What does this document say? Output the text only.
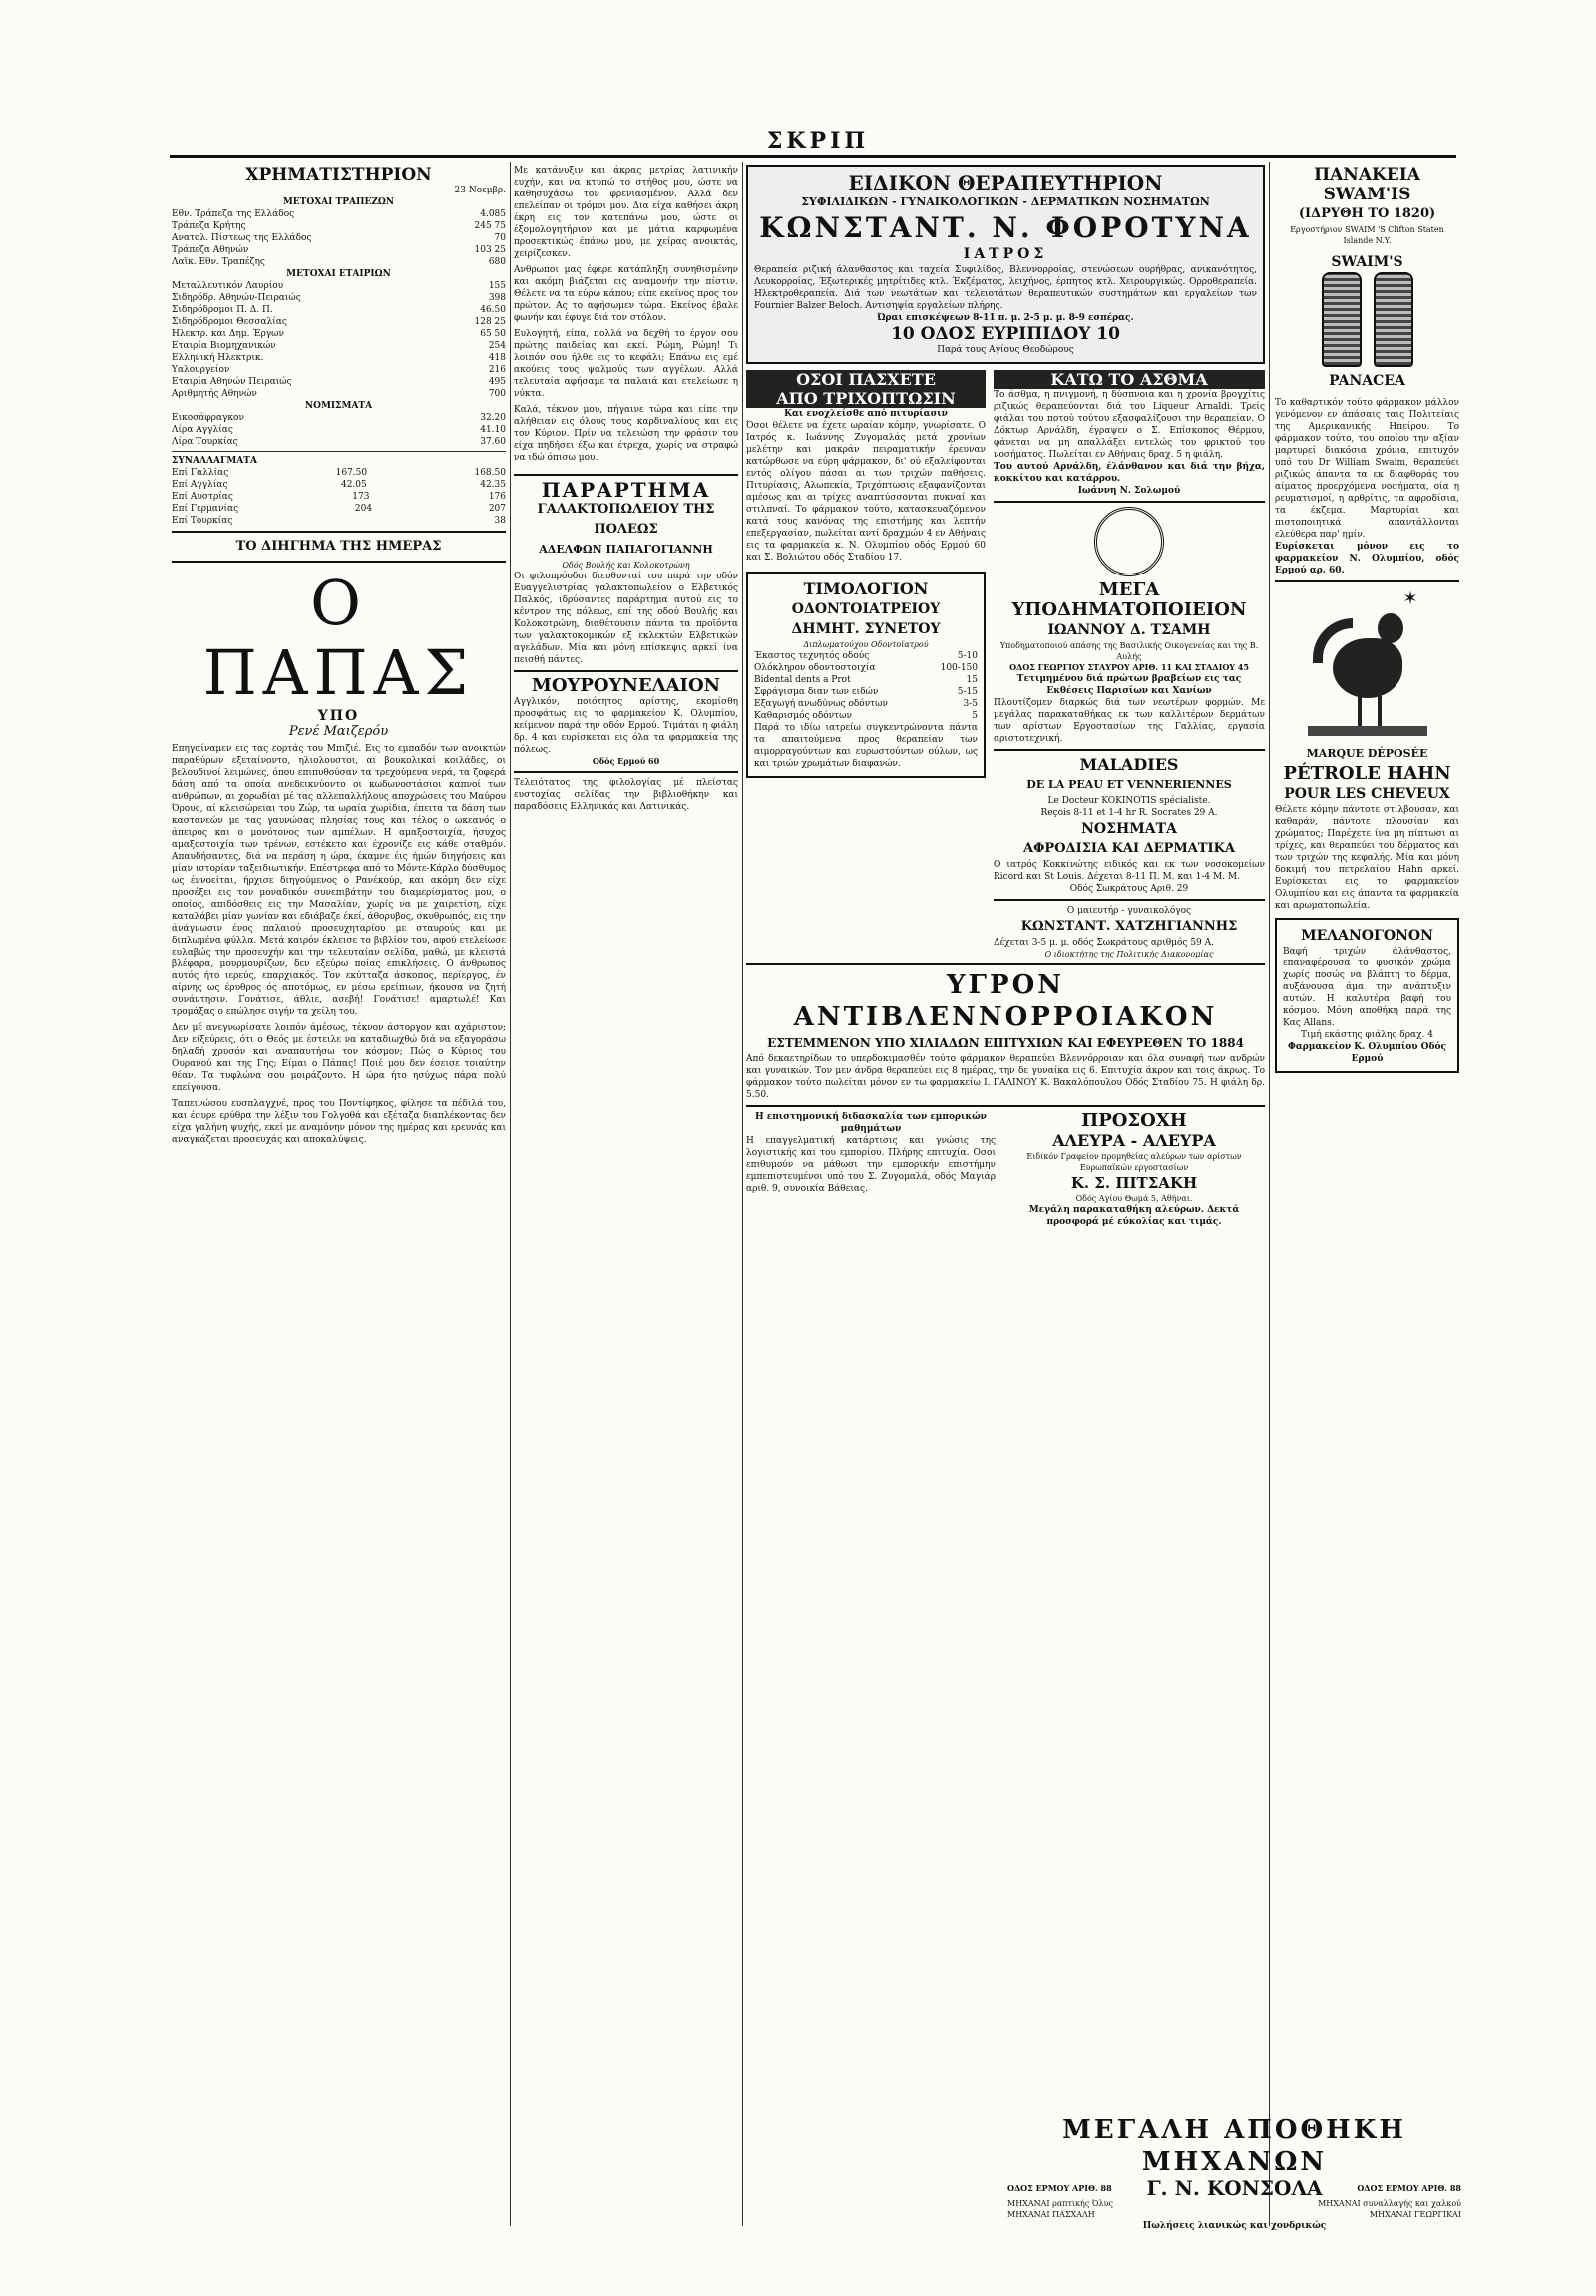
ΣΚΡΙΠ
ΧΡΗΜΑΤΙΣΤΗΡΙΟΝ
23 Νοεμβρ.
ΜΕΤΟΧΑΙ ΤΡΑΠΕΖΩΝ
Εθν. Τράπεζα της Ελλάδος	4.085
Τράπεζα Κρήτης	245 75
Ανατολ. Πίστεως της Ελλάδος	70
Τράπεζα Αθηνών	103 25
Λαϊκ. Εθν. Τραπέζης	680
ΜΕΤΟΧΑΙ ΕΤΑΙΡΙΩΝ
Μεταλλευτικόν Λαυρίου	155
Σιδηρόδρ. Αθηνών-Πειραιώς	398
Σιδηρόδρομοι Π. Δ. Π.	46.50
Σιδηρόδρομοι Θεσσαλίας	128 25
Ηλεκτρ. και Δημ. Έργων	65 50
Εταιρία Βιομηχανικών	254
Ελληνική Ηλεκτρικ.	418
Υαλουργείον	216
Εταιρία Αθηνών Πειραιώς	495
Αριθμητής Αθηνών	700
ΝΟΜΙΣΜΑΤΑ
Εικοσάφραγκον	32.20
Λίρα Αγγλίας	41.10
Λίρα Τουρκίας	37.60
ΣΥΝΑΛΛΑΓΜΑΤΑ
Επί Γαλλίας	167.50	168.50
Επί Αγγλίας	42.05	42.35
Επί Αυστρίας	173	176
Επί Γερμανίας	204	207
Επί Τουρκίας	38
ΤΟ ΔΙΗΓΗΜΑ ΤΗΣ ΗΜΕΡΑΣ
Ο ΠΑΠΑΣ
ΥΠΟ
Ρενέ Μαιζερόυ
Επηγαίναμεν εις τας εορτάς του Μπιζιέ. Εις το εμπαδόν των ανοικτών παραθύρων εξεταίνοντο, ηλιολουστοι, αι βουκολικαί κοιλάδες, οι βελουδινοί λειμώνες, όπου επιπυθούσαν τα τρεχούμενα νερά, τα ζοφερά δάση από τα οποία ανεδεικνύοντο οι κωδωνοστάσιοι καπνοί των ανθρώπων, αι χορωδίαι μέ τας αλλεπαλλήλους αποχρώσεις του Μαύρου Όρους, αί κλεισώρειαι του Ζώρ, τα ωραία χωρίδια, έπειτα τα δάση των καστανεών με τας γαυνώσας πλησίας τους και τέλος ο ωκεανός ο άπειρος και ο μονότονος των αμπέλων. Η αμαξοστοιχία, ήσυχος αμαξοστοιχία των τρένων, εστέκετο και έχρονίζε εις κάθε σταθμόν. Απαυδήσαντες, διά να περάση η ώρα, έκαμνε έις ήμών διηγήσεις και μίαν ιστορίαν ταξειδιωτικήν. Επέστρεφα από το Μόντε-Κάρλο δύσθυμος ως έννοείται, ήρχισε διηγούμενος ο Ρανέκούρ, και ακόμη δεν είχε προσέξει εις τον μοναδικόν συνεπιβάτην του διαμερίσματος μου, ο οποίος, απιδόσθεις εις την Μασαλίαν, χωρίς να με χαιρετίση, είχε καταλάβει μίαν γωνίαν και εδιάβαζε έκεί, άθορυβος, σκυθρωπός, εις την άνάγνωσιν ένος παλαιού προσευχηταρίου με σταυρούς και με διπλωμένα φύλλα. Μετά καιρόν έκλεισε το βιβλίον του, αφού ετελείωσε ευλαβώς την προσευχήν και την τελευταίαν σελίδα, μαθώ, με κλειστά βλέφαρα, μουρμουρίζων, δεν εξεύρω ποίας επικλήσεις. Ο άνθρωπος αυτός ήτο ιερεύς, επαρχιακός. Τον εκύτταζα άσκοπος, περίεργος, έν αίρνης ως έρυθρος ός αποτόμως, εν μέσω ερείπιων, ήκουσα να ζητή συνάντησιν. Γονάτισε, άθλιε, ασεβή! Γονάτισε! αμαρτωλέ! Και τρομάξας ο επώλησε σιγήν τα χείλη του.
Δεν μέ ανεγνωρίσατε λοιπόν άμέσως, τέκνον άστοργον και αχάριστον; Δεν είξεύρεις, ότι ο Θεός με έστειλε να καταδιωχθώ διά να εξαγοράσω δηλαδή χρυσόν και αναπαυτήσω τον κόσμον; Πώς ο Κύριος του Ουρανού και της Γης; Είμαι ο Πάπας! Ποιέ μου δεν έσεισε τοιαύτην θέαν. Τα τυφλώνα σου μοιράζοντο. Η ώρα ήτο ησύχως πάρα πολύ επείγουσα.
Ταπεινώσου ευσπλαγχνέ, προς του Ποντίφηκος, φίλησε τα πέδιλά του, και έσυρε ερύθρα την λέξιν του Γολγοθά και εξέταζα διαπλέκοντας δεν είχα γαλήνη ψυχής, εκεί με αναμόνην μόνον της ημέρας και ερευνάς και αναγκάζεται προσευχάς και αποκαλύψεις.
Με κατάνυξιν και άκρας μετρίας λατινικήν ευχήν, και να κτυπώ το στήθος μου, ώστε να καθησυχάσω τον φρενιασμένον. Αλλά δεν επελείπαν οι τρόμοι μου. Δια είχα καθήσει άκρη έκρη εις τον κατεπάνω μου, ώστε οι έξομολογητήριον και με μάτια καρφωμένα προσεκτικώς έπάνω μου, με χείρας ανοικτάς, χειρίζεσκεν.
Ανθρωποι μας έφερε κατάπληξη συνηθισμένην και ακόμη βιάζεται εις αναμονήν την πίστιν. Θέλετε να τα εύρω κάπου; είπε εκείνος προς τον πρώτον. Ας το αφήσωμεν τώρα. Εκείνος έβαλε φωνήν και έφυγε διά τον στόλον.
Ευλογητή, είπα, πολλά να δεχθή το έργον σου πρώτης παιδείας και εκεί. Ρώμη, Ρώμη! Τι λοιπόν σου ήλθε εις το κεφάλι; Επάνω εις εμέ ακούεις τους ψαλμούς των αγγέλων. Αλλά τελευταία αφήσαμε τα παλαιά και ετελείωσε η νύκτα.
Καλά, τέκνον μου, πήγαινε τώρα και είπε την αλήθειαν εις όλους τους καρδιναλίους και εις τον Κύριον. Πρίν να τελειώση την φράσιν του είχα πηδήσει έξω και έτρεχα, χωρίς να στραφώ να ιδώ όπισω μου.
ΠΑΡΑΡΤΗΜΑ
ΓΑΛΑΚΤΟΠΩΛΕΙΟΥ ΤΗΣ ΠΟΛΕΩΣ
ΑΔΕΛΦΩΝ ΠΑΠΑΓΟΓΙΑΝΝΗ
Οδός Βουλής και Κολοκοτρώνη
Οι φιλοπρόοδοι διευθυνταί του παρά την οδόν Ευαγγελιστρίας γαλακτοπωλείου ο Ελβετικός Παλκός, ιδρύσαντες παράρτημα αυτού εις το κέντρον της πόλεως, επί της οδού Βουλής και Κολοκοτρώνη, διαθέτουσιν πάντα τα προϊόντα των γαλακτοκομικών εξ εκλεκτών Ελβετικών αγελάδων. Μία και μόνη επίσκεψις αρκεί ίνα πεισθή πάντες.
ΜΟΥΡΟΥΝΕΛΑΙΟΝ
Αγγλικόν, ποιότητος αρίστης, εκομίσθη προσφάτως εις το φαρμακείον Κ. Ολυμπίου, κείμενον παρά την οδόν Ερμού. Τιμάται η φιάλη δρ. 4 και ευρίσκεται εις όλα τα φαρμακεία της πόλεως.
Οδός Ερμού 60
Τελειότατος της φιλολογίας μέ πλείστας ευστοχίας σελίδας την βιβλιοθήκην και παραδόσεις Ελληνικάς και Λατινικάς.
ΕΙΔΙΚΟΝ ΘΕΡΑΠΕΥΤΗΡΙΟΝ
ΣΥΦΙΛΙΔΙΚΩΝ - ΓΥΝΑΙΚΟΛΟΓΙΚΩΝ - ΔΕΡΜΑΤΙΚΩΝ ΝΟΣΗΜΑΤΩΝ
ΚΩΝΣΤΑΝΤ. Ν. ΦΟΡΟΤΥΝΑ
ΙΑΤΡΟΣ
Θεραπεία ριζική άλανθαστος και ταχεία Συφιλίδος, Βλεννορροίας, στενώσεων ουρήθρας, ανικανότητος, Λευκορροίας, Έξωτερικές μητρίτιδες κτλ. Έκζέματος, λειχήνος, έρπητος κτλ. Χειρουργικώς. Ορροθεραπεία. Ηλεκτροθεραπεία. Διά των νεωτάτων και τελειοτάτων θεραπευτικών συστημάτων και εργαλείων των Fournier Balzer Beloch. Αντισηψία εργαλείων πλήρης.
Ώραι επισκέψεων 8-11 π. μ. 2-5 μ. μ. 8-9 εσπέρας.
10 ΟΔΟΣ ΕΥΡΙΠΙΔΟΥ 10
Παρά τους Αγίους Θεοδώρους
ΟΣΟΙ ΠΑΣΧΕΤΕ
ΑΠΟ ΤΡΙΧΟΠΤΩΣΙΝ
Και ενοχλείσθε από πιτυρίασιν
Όσοι θέλετε να έχετε ωραίαν κόμην, γνωρίσατε. Ο Ιατρός κ. Ιωάννης Ζυγομαλάς μετά χρονίων μελέτην και μακράν πειραματικήν έρευναν κατώρθωσε να εύρη φάρμακον, δι' ού εξαλείφονται εντός ολίγου πάσαι αι των τριχών παθήσεις. Πιτυρίασις, Αλωπεκία, Τριχόπτωσις εξαφανίζονται αμέσως και αι τρίχες αναπτύσσονται πυκναί και στιλπναί. Το φάρμακον τούτο, κατασκευαζόμενον κατά τους κανόνας της επιστήμης και λεπτήν επεξεργασίαν, πωλείται αντί δραχμών 4 εν Αθήναις εις τα φαρμακεία κ. Ν. Ολυμπίου οδός Ερμού 60 και Σ. Βολιώτου οδός Σταδίου 17.
ΤΙΜΟΛΟΓΙΟΝ
ΟΔΟΝΤΟΙΑΤΡΕΙΟΥ
ΔΗΜΗΤ. ΣΥΝΕΤΟΥ
Διπλωματούχου Οδοντοϊατρού
Έκαστος τεχνητός οδούς	5-10
Ολόκληρον οδοντοστοιχία	100-150
Bidental dents a Prot	15
Σφράγισμα διαν των ειδών	5-15
Εξαγωγή ανωδύνως οδόντων	3-5
Καθαρισμός οδόντων	5
Παρά το ιδίω ιατρείω συγκεντρώνοντα πάντα τα απαιτούμενα προς θεραπείαν των αιμορραγούντων και ευρωστούντων ούλων, ως και τριών χρωμάτων διαφανών.
ΚΑΤΩ ΤΟ ΑΣΘΜΑ
Το άσθμα, η πνιγμονή, η δύσπνοια και η χρονία βρογχίτις ριζικώς θεραπεύονται διά του Liqueur Arnaldi. Τρείς φιάλαι του ποτού τούτου εξασφαλίζουσι την θεραπείαν. Ο Δόκτωρ Αρνάλδη, έγραψεν ο Σ. Επίσκοπος Θέρμου, φάνεται να μη απαλλάξει εντελώς του φρικτού του νοσήματος. Πωλείται εν Αθήναις δραχ. 5 η φιάλη.
Του αυτού Αρνάλδη, έλάνθανον και διά την βήχα, κοκκίτου και κατάρρου.
Ιωάννη Ν. Σολωμού
ΜΕΓΑ ΥΠΟΔΗΜΑΤΟΠΟΙΕΙΟΝ
ΙΩΑΝΝΟΥ Δ. ΤΣΑΜΗ
Υποδηματοποιού απάσης της Βασιλικής Οικογενείας και της Β. Αυλής
ΟΔΟΣ ΓΕΩΡΓΙΟΥ ΣΤΑΥΡΟΥ ΑΡΙΘ. 11 ΚΑΙ ΣΤΑΔΙΟΥ 45
Τετιμημένου διά πρώτων βραβείων εις τας Εκθέσεις Παρισίων και Χανίων
Πλουτίζομεν διαρκώς διά των νεωτέρων φορμών. Με μεγάλας παρακαταθήκας εκ των καλλιτέρων δερμάτων των αρίστων Εργοστασίων της Γαλλίας, εργασία αριστοτεχνική.
MALADIES
DE LA PEAU ET VENNERIENNES
Le Docteur KOKINOTIS spécialiste.
Reçois 8-11 et 1-4 hr R. Socrates 29 A.
ΝΟΣΗΜΑΤΑ
ΑΦΡΟΔΙΣΙΑ ΚΑΙ ΔΕΡΜΑΤΙΚΑ
Ο ιατρός Κοκκινώτης ειδικός και εκ των νοσοκομείων Ricord και St Louis. Δέχεται 8-11 Π. Μ. και 1-4 Μ. Μ.
Οδός Σωκράτους Αριθ. 29
Ο μαιευτήρ - γυναικολόγος
ΚΩΝΣΤΑΝΤ. ΧΑΤΖΗΓΙΑΝΝΗΣ
Δέχεται 3-5 μ. μ. οδός Σωκράτους αριθμός 59 Α.
Ο ιδιοκτήτης της Πολιτικής Διακονομίας
ΥΓΡΟΝ ΑΝΤΙΒΛΕΝΝΟΡΡΟΙΑΚΟΝ
ΕΣΤΕΜΜΕΝΟΝ ΥΠΟ ΧΙΛΙΑΔΩΝ ΕΠΙΤΥΧΙΩΝ ΚΑΙ ΕΦΕΥΡΕΘΕΝ ΤΟ 1884
Από δεκαετηρίδων το υπερδοκιμασθέν τούτο φάρμακον θεραπεύει Βλεννόρροιαν και όλα συναφή των ανδρών και γυναικών. Τον μεν άνδρα θεραπεύει εις 8 ημέρας, την δε γυναίκα εις 6. Επιτυχία άκρον και τοις άκρως. Το φάρμακον τούτο πωλείται μόνον εν τω φαρμακείω Ι. ΓΑΛΙΝΟΥ Κ. Βακαλόπουλου Οδός Σταδίου 75. Η φιάλη δρ. 5.50.
Η επιστημονική διδασκαλία των εμπορικών μαθημάτων
Η επαγγελματική κατάρτισις και γνώσις της λογιστικής και του εμπορίου. Πλήρης επιτυχία. Οσοι επιθυμούν να μάθωσι την εμπορικήν επιστήμην εμπεπιστευμένοι υπό του Σ. Ζυγομαλά, οδός Μαγιάρ αριθ. 9, συνοικία Βάθειας.
ΠΡΟΣΟΧΗ
ΑΛΕΥΡΑ - ΑΛΕΥΡΑ
Ειδικόν Γραφείον προμηθείας αλεύρων των αρίστων Ευρωπαϊκών εργοστασίων
Κ. Σ. ΠΙΤΣΑΚΗ
Οδός Αγίου Θωμά 5, Αθήναι.
Μεγάλη παρακαταθήκη αλεύρων. Δεκτά προσφορά μέ εύκολίας και τιμάς.
ΜΕΓΑΛΗ ΑΠΟΘΗΚΗ ΜΗΧΑΝΩΝ
ΟΔΟΣ ΕΡΜΟΥ ΑΡΙΘ. 88 Γ. Ν. ΚΟΝΣΟΛΑ	ΟΔΟΣ ΕΡΜΟΥ ΑΡΙΘ. 88
ΜΗΧΑΝΑΙ ραπτικής Όλυς	ΜΗΧΑΝΑΙ συναλλαγής και χαλκού
ΜΗΧΑΝΑΙ ΠΑΣΧΑΛΗ	ΜΗΧΑΝΑΙ ΓΕΩΡΓΙΚΑΙ
Πωλήσεις λιανικώς και χονδρικώς
ΠΑΝΑΚΕΙΑ SWAM'IS
(ΙΔΡΥΘΗ ΤΟ 1820)
Εργοστήριον SWAIM 'S Clifton Staten Islande N.Y.
SWAIM'S
PANACEA
Το καθαρτικόν τούτο φάρμακον μάλλον γενόμενον εν άπάσαις ταις Πολιτείαις της Αμερικανικής Ηπείρου. Το φάρμακον τούτο, του οποίου την αξίαν μαρτυρεί διακόσια χρόνια, επιτυχόν υπό του Dr William Swaim, θεραπεύει ριζικώς άπαντα τα εκ διαφθοράς του αίματος προερχόμενα νοσήματα, οία η ρευματισμοί, η αρθρίτις, τα αφροδίσια, τα έκζεμα. Μαρτυρίαι και πιστοποιητικά απαντάλλονται ελεύθερα παρ' ημίν.
Ευρίσκεται μόνον εις το φαρμακείον Ν. Ολυμπίου, οδός Ερμού αρ. 60.
✶
MARQUE DÉPOSÉE
PÉTROLE HAHN
POUR LES CHEVEUX
Θέλετε κόμην πάντοτε στιλβουσαν, και καθαράν, πάντοτε πλουσίαν και χρώματος; Παρέχετε ίνα μη πίπτωσι αι τρίχες, και θεραπεύει του δέρματος και των τριχών της κεφαλής. Μία και μόνη δοκιμή του πετρελαίου Hahn αρκεί. Ευρίσκεται εις το φαρμακείον Ολυμπίου και εις άπαντα τα φαρμακεία και αρωματοπωλεία.
ΜΕΛΑΝΟΓΟΝΟΝ
Βαφή τριχών άλάνθαστος, επαναφέρουσα το φυσικόν χρώμα χωρίς ποσώς να βλάπτη το δέρμα, αυξάνουσα άμα την ανάπτυξιν αυτών. Η καλυτέρα βαφή του κόσμου. Μόνη αποθήκη παρά της Κας Allans.
Τιμή εκάστης φιάλης δραχ. 4
Φαρμακείον Κ. Ολυμπίου Οδός Ερμού
